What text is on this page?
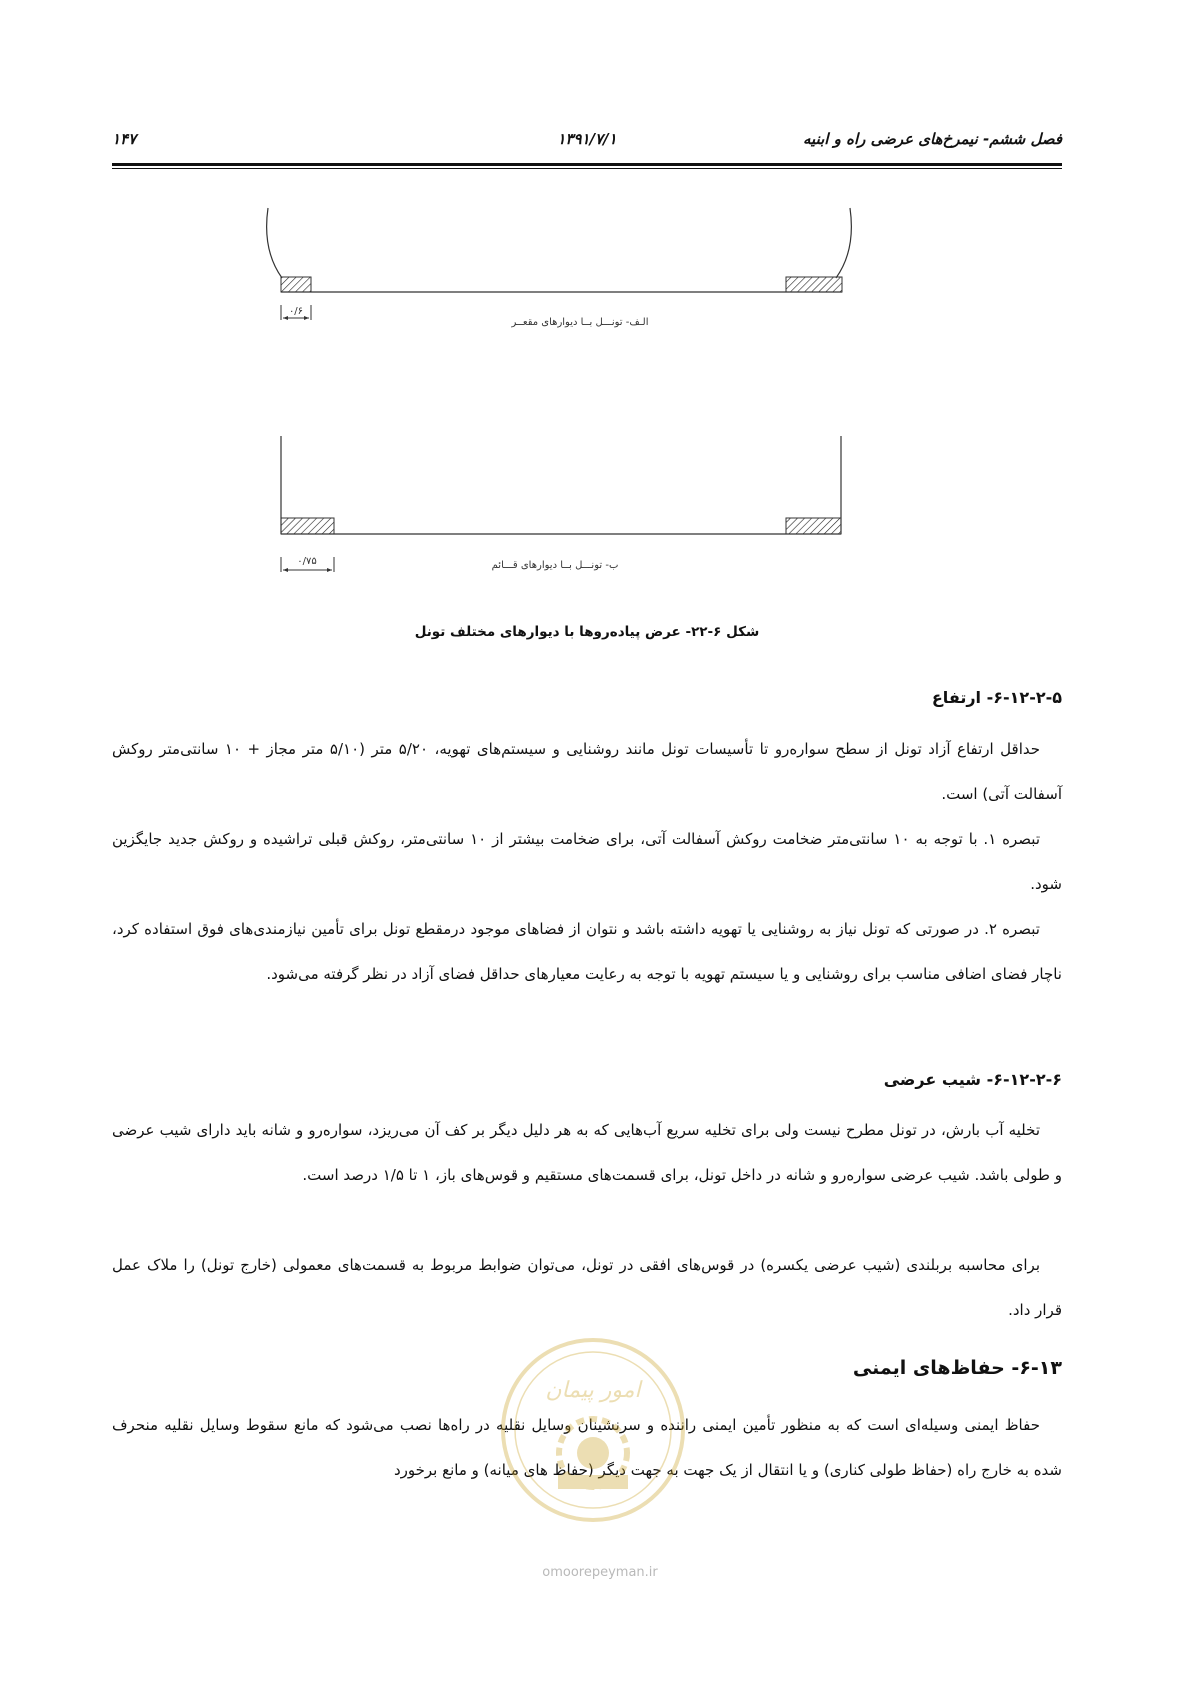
فصل ششم- نیمرخ‌های عرضی راه و ابنیه
۱۳۹۱/۷/۱
۱۴۷
۰/۶
الـف- تونـــل بــا دیوارهای مقعــر
۰/۷۵	ب- تونـــل بــا دیوارهای قـــائم
شکل ۶-۲۲- عرض پیاده‌روها با دیوارهای مختلف تونل
۶-۱۲-۲-۵- ارتفاع
حداقل ارتفاع آزاد تونل از سطح سواره‌رو تا تأسیسات تونل مانند روشنایی و سیستم‌های تهویه، ۵/۲۰ متر (۵/۱۰ متر مجاز + ۱۰ سانتی‌متر روکش آسفالت آتی) است.
تبصره ۱. با توجه به ۱۰ سانتی‌متر ضخامت روکش آسفالت آتی، برای ضخامت بیشتر از ۱۰ سانتی‌متر، روکش قبلی تراشیده و روکش جدید جایگزین شود.
تبصره ۲. در صورتی که تونل نیاز به روشنایی یا تهویه داشته باشد و نتوان از فضاهای موجود درمقطع تونل برای تأمین نیازمندی‌های فوق استفاده کرد، ناچار فضای اضافی مناسب برای روشنایی و یا سیستم تهویه با توجه به رعایت معیارهای حداقل فضای آزاد در نظر گرفته می‌شود.
۶-۱۲-۲-۶- شیب عرضی
تخلیه آب بارش، در تونل مطرح نیست ولی برای تخلیه سریع آب‌هایی که به هر دلیل دیگر بر کف آن می‌ریزد، سواره‌رو و شانه باید دارای شیب عرضی و طولی باشد. شیب عرضی سواره‌رو و شانه در داخل تونل، برای قسمت‌های مستقیم و قوس‌های باز، ۱ تا ۱/۵ درصد است.
برای محاسبه بربلندی (شیب عرضی یکسره) در قوس‌های افقی در تونل، می‌توان ضوابط مربوط به قسمت‌های معمولی (خارج تونل) را ملاک عمل قرار داد.
۶-۱۳- حفاظ‌های ایمنی
حفاظ ایمنی وسیله‌ای است که به منظور تأمین ایمنی راننده و سرنشینان وسایل نقلیه در راه‌ها نصب می‌شود که مانع سقوط وسایل نقلیه منحرف شده به خارج راه (حفاظ طولی کناری) و یا انتقال از یک جهت به جهت دیگر (حفاظ های میانه) و مانع برخورد
امور پیمان
omoorepeyman.ir
